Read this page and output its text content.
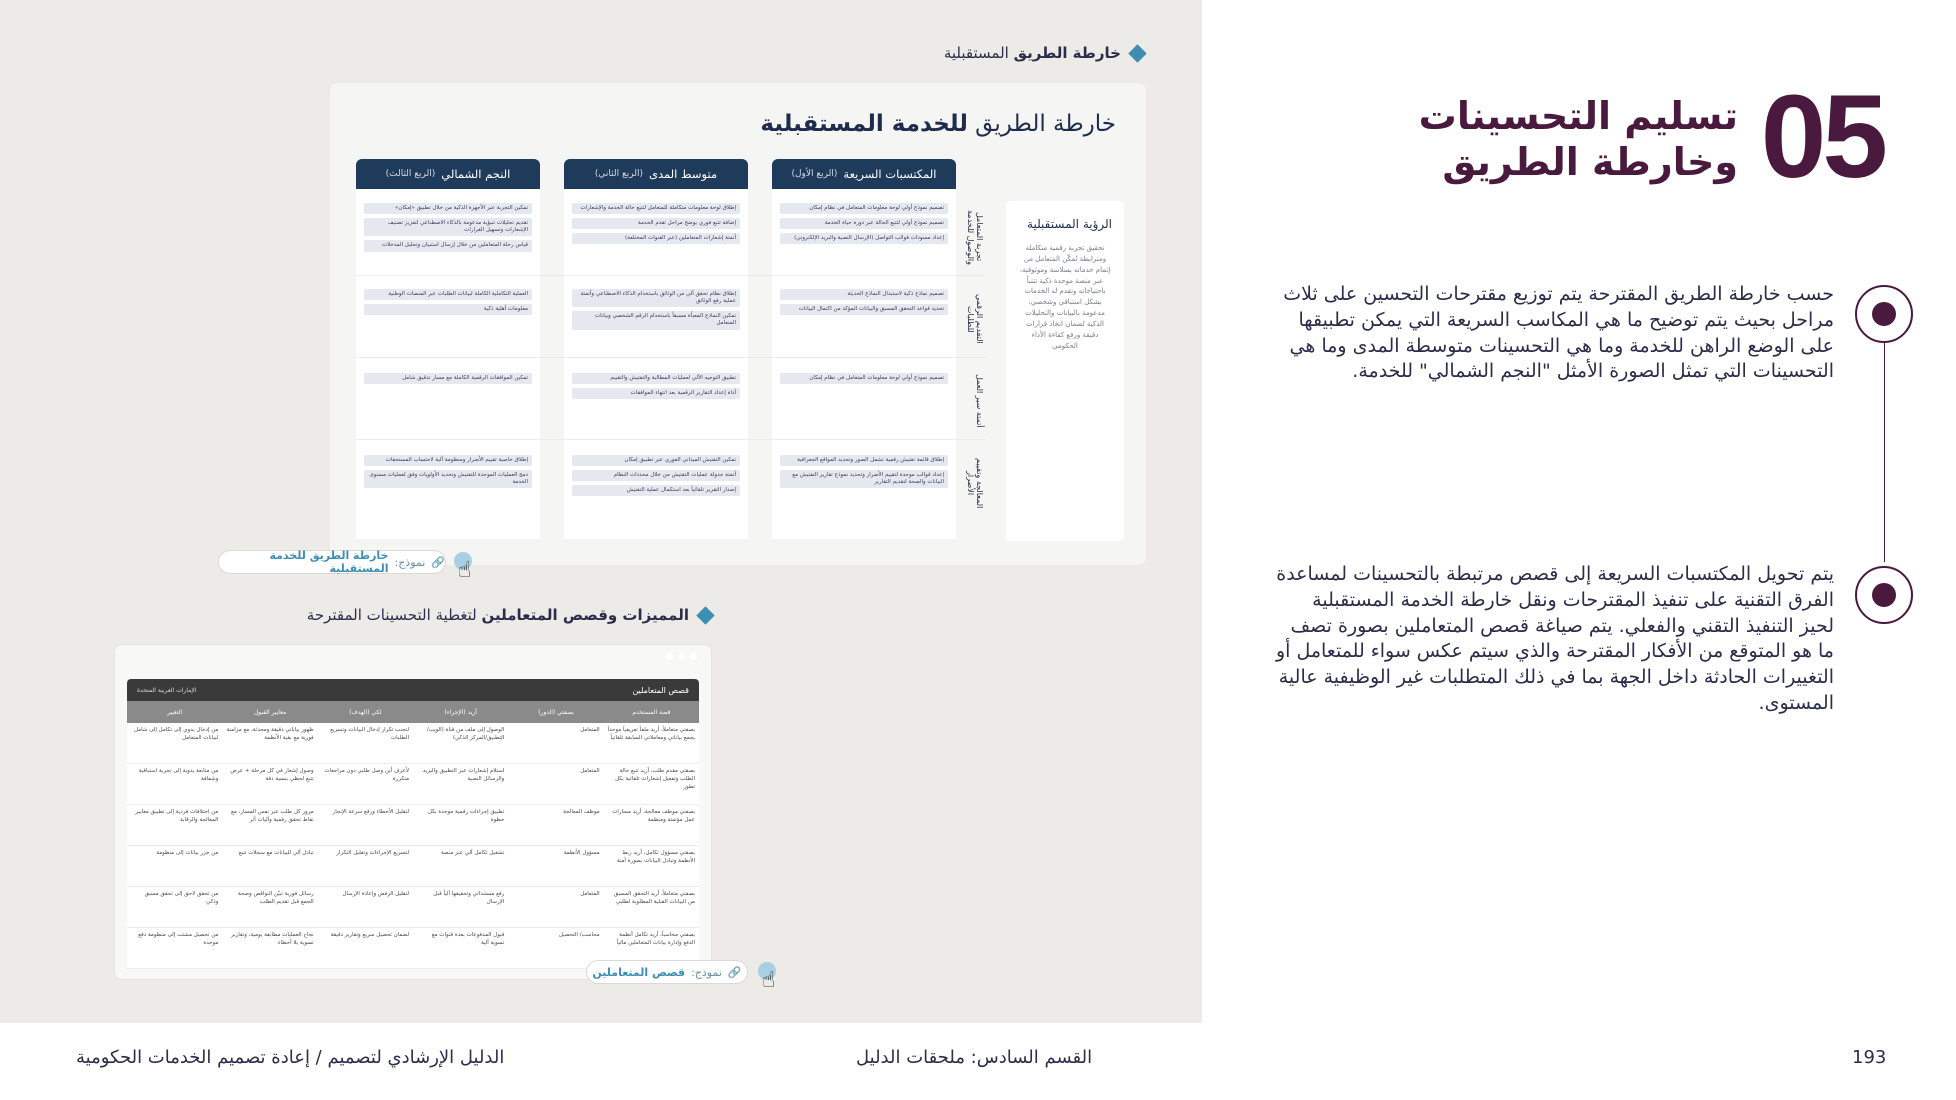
خارطة الطريق المستقبلية
خارطة الطريق للخدمة المستقبلية
المكتسبات السريعة
(الربع الأول)
متوسط المدى
(الربع الثاني)
النجم الشمالي
(الربع الثالث)
تجربة المتعامل والوصول للخدمة
التقديم الرقمي للطلبات
أتمتة سير العمل
المعالجة وتقييم الأضرار
تصميم نموذج أولي لوحة معلومات المتعامل في نظام إمكان
تصميم نموذج أولي لتتبع الحالة عبر دورة حياة الخدمة
إعداد مسودات قوالب التواصل (الإرسال النصية والبريد الإلكتروني)
تصميم نماذج ذكية لاستبدال النماذج الحديثة
تحديد قواعد التحقق المسبق والبيانات المؤكد من اكتمال البيانات
تصميم نموذج أولي لوحة معلومات المتعامل في نظام إمكان
إطلاق قائمة تفتيش رقمية تشمل الصور وتحديد المواقع الجغرافية
إعداد قوالب موحدة لتقييم الأضرار وتحديد نموذج تقارير التفتيش مع البيانات والصحة لتقديم التقارير
إطلاق لوحة معلومات متكاملة للمتعامل لتتبع حالة الخدمة والإشعارات
إضافة تتبع فوري يوضح مراحل تقدم الخدمة
أتمتة إشعارات المتعاملين (عبر القنوات المختلفة)
إطلاق نظام تحقق آلي من الوثائق باستخدام الذكاء الاصطناعي وأتمتة عملية رفع الوثائق
تمكين النماذج المعبأة مسبقاً باستخدام الرقم الشخصي وبيانات المتعامل
تطبيق التوجيه الآلي لعمليات المطالبة والتفتيش والتقييم
أداة إعداد التقارير الرقمية بعد انتهاء الموافقات
تمكين التفتيش الميداني الفوري عبر تطبيق إمكان
أتمتة جدولة عمليات التفتيش من خلال محددات النظام
إصدار التقرير تلقائياً بعد استكمال عملية التفتيش
تمكين التجربة عبر الأجهزة الذكية من خلال تطبيق «إمكان»
تقديم تحليلات تنبؤية مدعومة بالذكاء الاصطناعي لتعزيز تصنيف الإشعارات وتسهيل القرارات
قياس رحلة المتعاملين من خلال إرسال استبيان وتحليل المدخلات
العملية التكاملية الكاملة لبيانات الطلبات عبر المنصات الوطنية
معلومات أهلية ذكية
تمكين الموافقات الرقمية الكاملة مع مسار تدقيق شامل
إطلاق خاصية تقييم الأضرار ومنظومة آلية لاحتساب المستحقات
دمج العمليات الموحدة للتفتيش وتحديد الأولويات وفق لعمليات مستوى الخدمة
الرؤية المستقبلية
تحقيق تجربة رقمية متكاملة ومترابطة تُمكّن المتعامل من إتمام خدماته بسلاسة وموثوقية، عبر منصة موحدة ذكية تتنبأ باحتياجاته وتقدم له الخدمات بشكل استباقي وشخصي، مدعومة بالبيانات والتحليلات الذكية لضمان اتخاذ قرارات دقيقة ورفع كفاءة الأداء الحكومي
🔗
نموذج:
خارطة الطريق للخدمة المستقبلية	☝
المميزات وقصص المتعاملين لتغطية التحسينات المقترحة
قصص المتعاملين
الإمارات العربية المتحدة
قصة المستخدم
بصفتي (الدور)
أريد (الإجراء)
لكي (الهدف)
معايير القبول
التغيير
بصفتي متعاملاً، أريد ملفاً تعريفياً موحداً يجمع بياناتي ومعاملاتي السابقة تلقائياً
المتعامل
الوصول إلى ملف من قناة (الويب/التطبيق/المركز الذكي)
لتجنب تكرار إدخال البيانات وتسريع الطلبات
ظهور بياناتي دقيقة ومحدثة، مع مزامنة فورية مع بقية الأنظمة
من إدخال يدوي إلى تكامل إلى شامل لبيانات المتعامل
بصفتي مقدم طلب، أريد تتبع حالة الطلب وتفعيل إشعارات تلقائية بكل تطور
المتعامل
استلام إشعارات عبر التطبيق والبريد والرسائل النصية
لأعرف أين وصل طلبي دون مراجعات متكررة
وصول إشعار في كل مرحلة + عرض تتبع لحظي بنسبة دقة
من متابعة يدوية إلى تجربة استباقية وشفافة
بصفتي موظف معالجة، أريد مسارات عمل مؤتمتة ومنظمة
موظف المعالجة
تطبيق إجراءات رقمية موحدة بكل خطوة
لتقليل الأخطاء ورفع سرعة الإنجاز
مرور كل طلب عبر نفس المسار، مع نقاط تحقق رقمية وآليات أثر
من اختلافات فردية إلى تطبيق معايير المعالجة والرقابة
بصفتي مسؤول تكامل، أريد ربط الأنظمة وتبادل البيانات بصورة آمنة
مسؤول الأنظمة
تشغيل تكامل آلي عبر منصة
لتسريع الإجراءات وتقليل التكرار
تبادل آلي للبيانات مع سجلات تتبع
من جزر بيانات إلى منظومة
بصفتي متعاملاً، أريد التحقق المسبق من البيانات القبلية المطلوبة لطلبي
المتعامل
رفع مستنداتي وتحقيقها آلياً قبل الإرسال
لتقليل الرفض وإعادة الإرسال
رسائل فورية تبيّن النواقص وصحة الجمع قبل تقديم الطلب
من تحقق لاحق إلى تحقق مسبق وذكي
بصفتي محاسباً، أريد تكامل أنظمة الدفع وإدارة بيانات المتعاملين مالياً
محاسب/ التحصيل
قبول المدفوعات بعدة قنوات مع تسوية آلية
لضمان تحصيل سريع وتقارير دقيقة
نجاح العمليات مطابقة يومية، وتقارير تسوية بلا أخطاء
من تحصيل مشتت إلى منظومة دفع موحدة
🔗
نموذج:
قصص المتعاملين	☝
05
تسليم التحسينات
وخارطة الطريق
حسب خارطة الطريق المقترحة يتم توزيع مقترحات التحسين على ثلاث مراحل بحيث يتم توضيح ما هي المكاسب السريعة التي يمكن تطبيقها على الوضع الراهن للخدمة وما هي التحسينات متوسطة المدى وما هي التحسينات التي تمثل الصورة الأمثل "النجم الشمالي" للخدمة.
يتم تحويل المكتسبات السريعة إلى قصص مرتبطة بالتحسينات لمساعدة الفرق التقنية على تنفيذ المقترحات ونقل خارطة الخدمة المستقبلية لحيز التنفيذ التقني والفعلي. يتم صياغة قصص المتعاملين بصورة تصف ما هو المتوقع من الأفكار المقترحة والذي سيتم عكس سواء للمتعامل أو التغييرات الحادثة داخل الجهة بما في ذلك المتطلبات غير الوظيفية عالية المستوى.
193
القسم السادس: ملحقات الدليل
الدليل الإرشادي لتصميم / إعادة تصميم الخدمات الحكومية
